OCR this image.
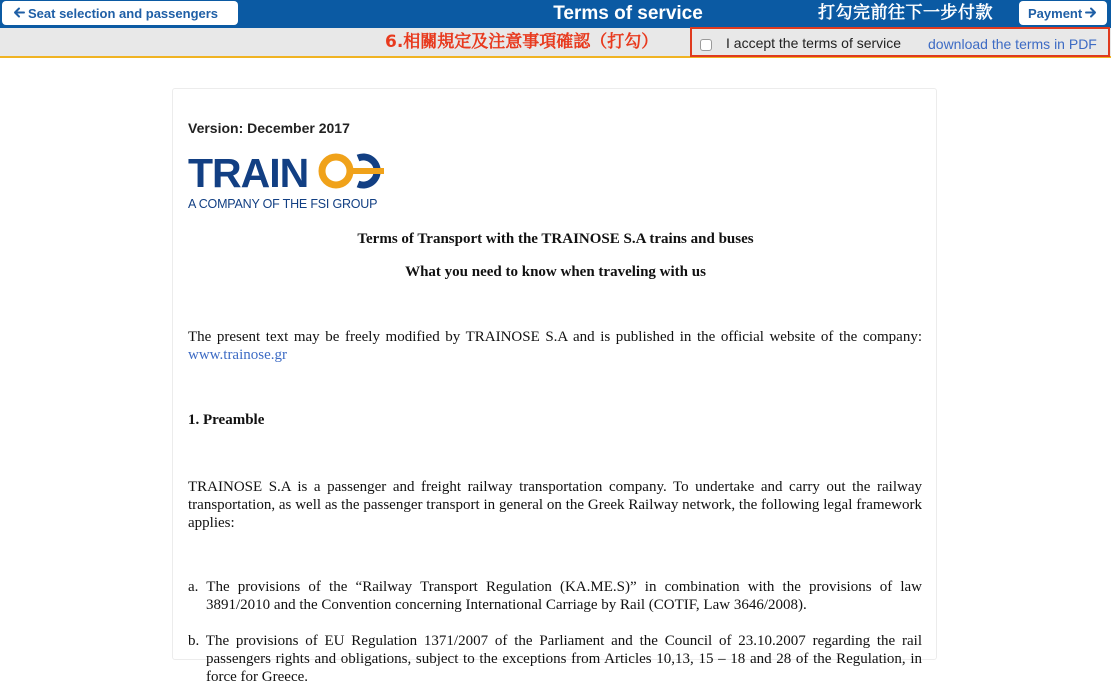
Seat selection and passengers	Terms of service	打勾完前往下一步付款	Payment
6.相關規定及注意事項確認（打勾）	I accept the terms of service download the terms in PDF
Version: December 2017
TRAIN
A COMPANY OF THE FSI GROUP
Terms of Transport with the TRAINOSE S.A trains and buses
What you need to know when traveling with us
The present text may be freely modified by TRAINOSE S.A and is published in the official website of the company: www.trainose.gr
1. Preamble
TRAINOSE S.A is a passenger and freight railway transportation company. To undertake and carry out the railway transportation, as well as the passenger transport in general on the Greek Railway network, the following legal framework applies:
a. The provisions of the “Railway Transport Regulation (KA.ME.S)” in combination with the provisions of law 3891/2010 and the Convention concerning International Carriage by Rail (COTIF, Law 3646/2008).
b. The provisions of EU Regulation 1371/2007 of the Parliament and the Council of 23.10.2007 regarding the rail passengers rights and obligations, subject to the exceptions from Articles 10,13, 15 – 18 and 28 of the Regulation, in force for Greece.
